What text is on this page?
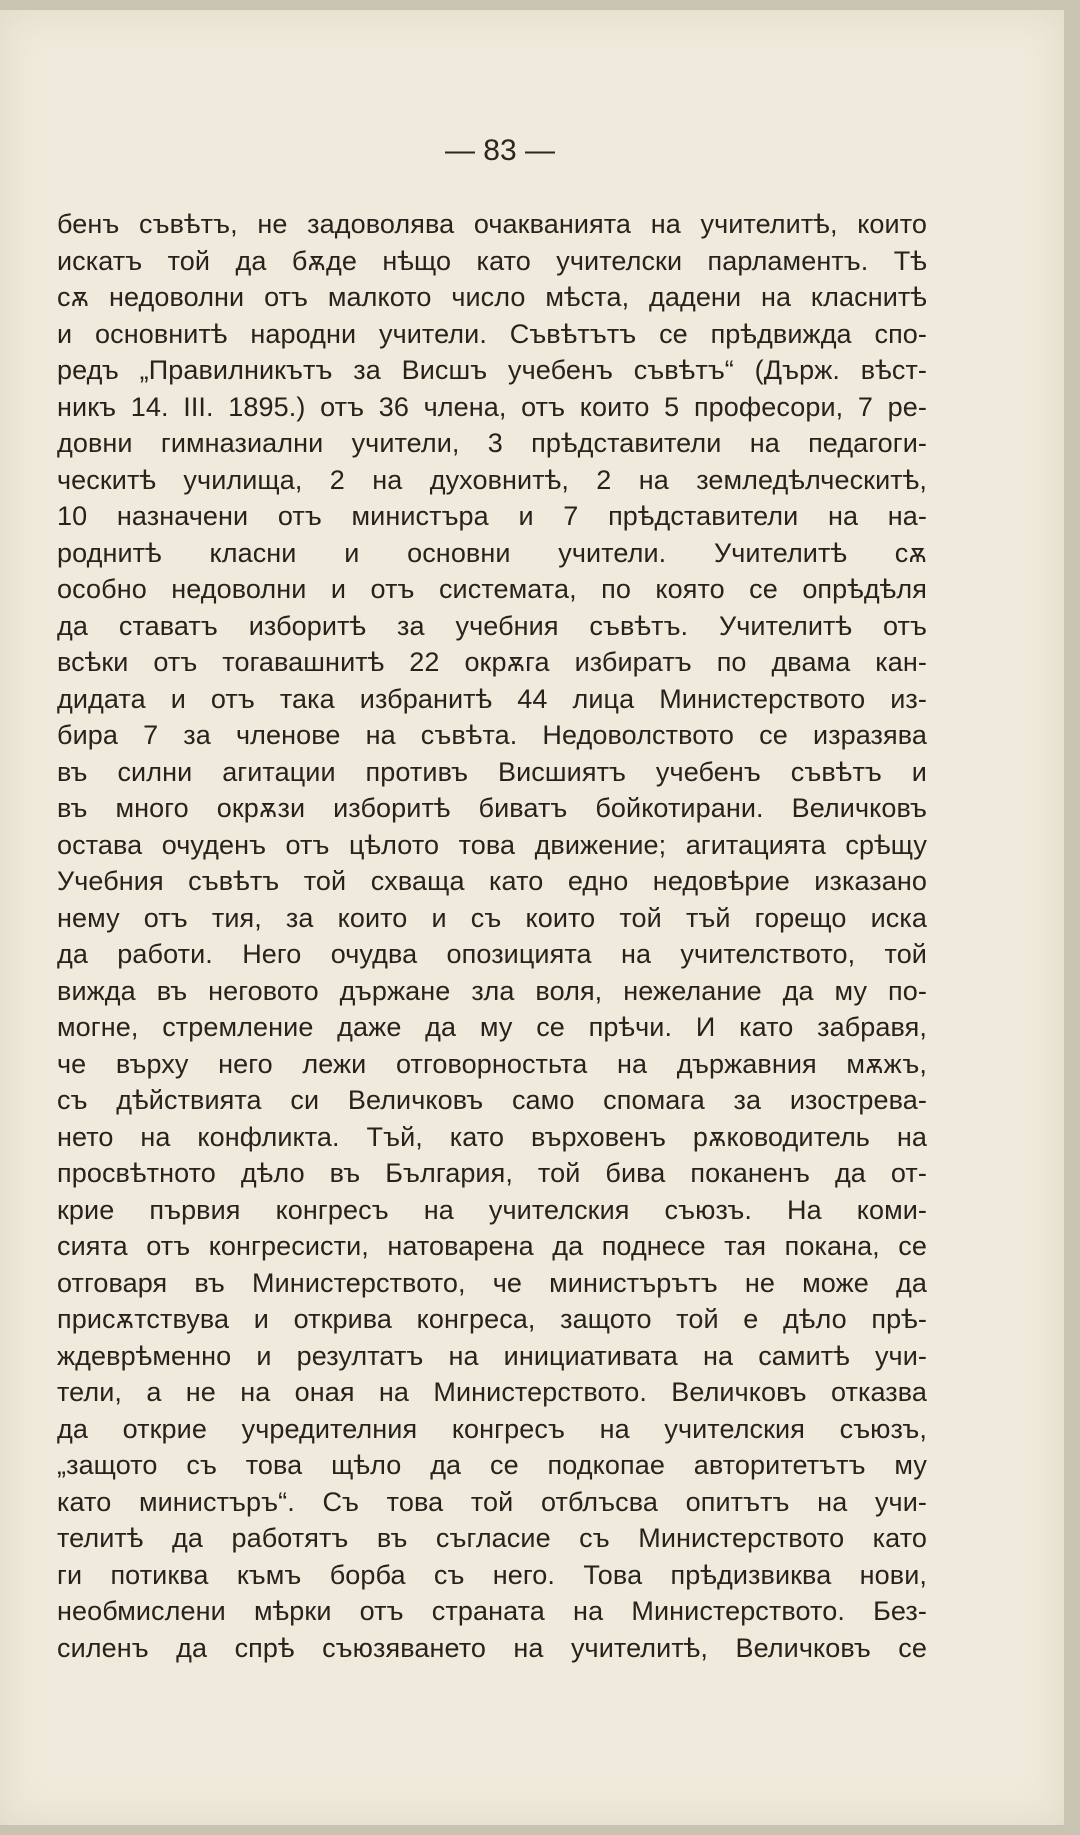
— 83 —
бенъ съвѣтъ, не задоволява очакванията на учителитѣ, които
искатъ той да бѫде нѣщо като учителски парламентъ. Тѣ
сѫ недоволни отъ малкото число мѣста, дадени на класнитѣ
и основнитѣ народни учители. Съвѣтътъ се прѣдвижда спо-
редъ „Правилникътъ за Висшъ учебенъ съвѣтъ“ (Държ. вѣст-
никъ 14. III. 1895.) отъ 36 члена, отъ които 5 професори, 7 ре-
довни гимназиални учители, 3 прѣдставители на педагоги-
ческитѣ училища, 2 на духовнитѣ, 2 на земледѣлческитѣ,
10 назначени отъ министъра и 7 прѣдставители на на-
роднитѣ класни и основни учители. Учителитѣ сѫ
особно недоволни и отъ системата, по която се опрѣдѣля
да ставатъ изборитѣ за учебния съвѣтъ. Учителитѣ отъ
всѣки отъ тогавашнитѣ 22 окрѫга избиратъ по двама кан-
дидата и отъ така избранитѣ 44 лица Министерството из-
бира 7 за членове на съвѣта. Недоволството се изразява
въ силни агитации противъ Висшиятъ учебенъ съвѣтъ и
въ много окрѫзи изборитѣ биватъ бойкотирани. Величковъ
остава очуденъ отъ цѣлото това движение; агитацията срѣщу
Учебния съвѣтъ той схваща като едно недовѣрие изказано
нему отъ тия, за които и съ които той тъй горещо иска
да работи. Него очудва опозицията на учителството, той
вижда въ неговото държане зла воля, нежелание да му по-
могне, стремление даже да му се прѣчи. И като забравя,
че върху него лежи отговорностьта на държавния мѫжъ,
съ дѣйствията си Величковъ само спомага за изострева-
нето на конфликта. Тъй, като върховенъ рѫководитель на
просвѣтното дѣло въ България, той бива поканенъ да от-
крие първия конгресъ на учителския съюзъ. На коми-
сията отъ конгресисти, натоварена да поднесе тая покана, се
отговаря въ Министерството, че министърътъ не може да
присѫтствува и открива конгреса, защото той е дѣло прѣ-
ждеврѣменно и резултатъ на инициативата на самитѣ учи-
тели, а не на оная на Министерството. Величковъ отказва
да открие учредителния конгресъ на учителския съюзъ,
„защото съ това щѣло да се подкопае авторитетътъ му
като министъръ“. Съ това той отблъсва опитътъ на учи-
телитѣ да работятъ въ съгласие съ Министерството като
ги потиква къмъ борба съ него. Това прѣдизвиква нови,
необмислени мѣрки отъ страната на Министерството. Без-
силенъ да спрѣ съюзяването на учителитѣ, Величковъ се
